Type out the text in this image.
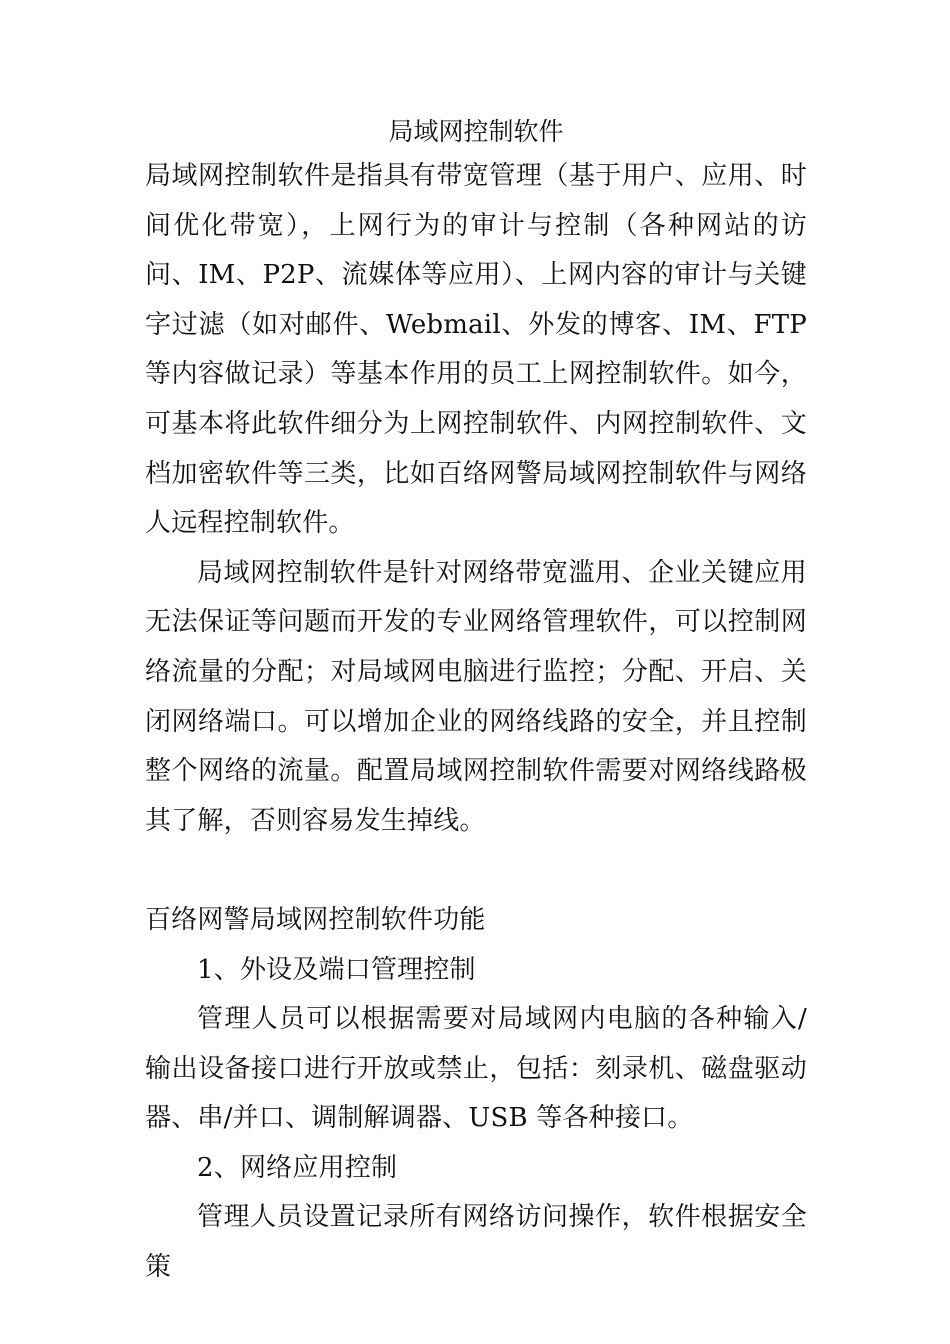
局域网控制软件

局域网控制软件是指具有带宽管理（基于用户、应用、时间优化带宽），上网行为的审计与控制（各种网站的访问、IM、P2P、流媒体等应用）、上网内容的审计与关键字过滤（如对邮件、Webmail、外发的博客、IM、FTP 等内容做记录）等基本作用的员工上网控制软件。如今，可基本将此软件细分为上网控制软件、内网控制软件、文档加密软件等三类，比如百络网警局域网控制软件与网络人远程控制软件。

局域网控制软件是针对网络带宽滥用、企业关键应用无法保证等问题而开发的专业网络管理软件，可以控制网络流量的分配；对局域网电脑进行监控；分配、开启、关闭网络端口。可以增加企业的网络线路的安全，并且控制整个网络的流量。配置局域网控制软件需要对网络线路极其了解，否则容易发生掉线。

百络网警局域网控制软件功能

1、外设及端口管理控制

管理人员可以根据需要对局域网内电脑的各种输入/输出设备接口进行开放或禁止，包括：刻录机、磁盘驱动器、串/并口、调制解调器、USB 等各种接口。

2、网络应用控制

管理人员设置记录所有网络访问操作，软件根据安全策
